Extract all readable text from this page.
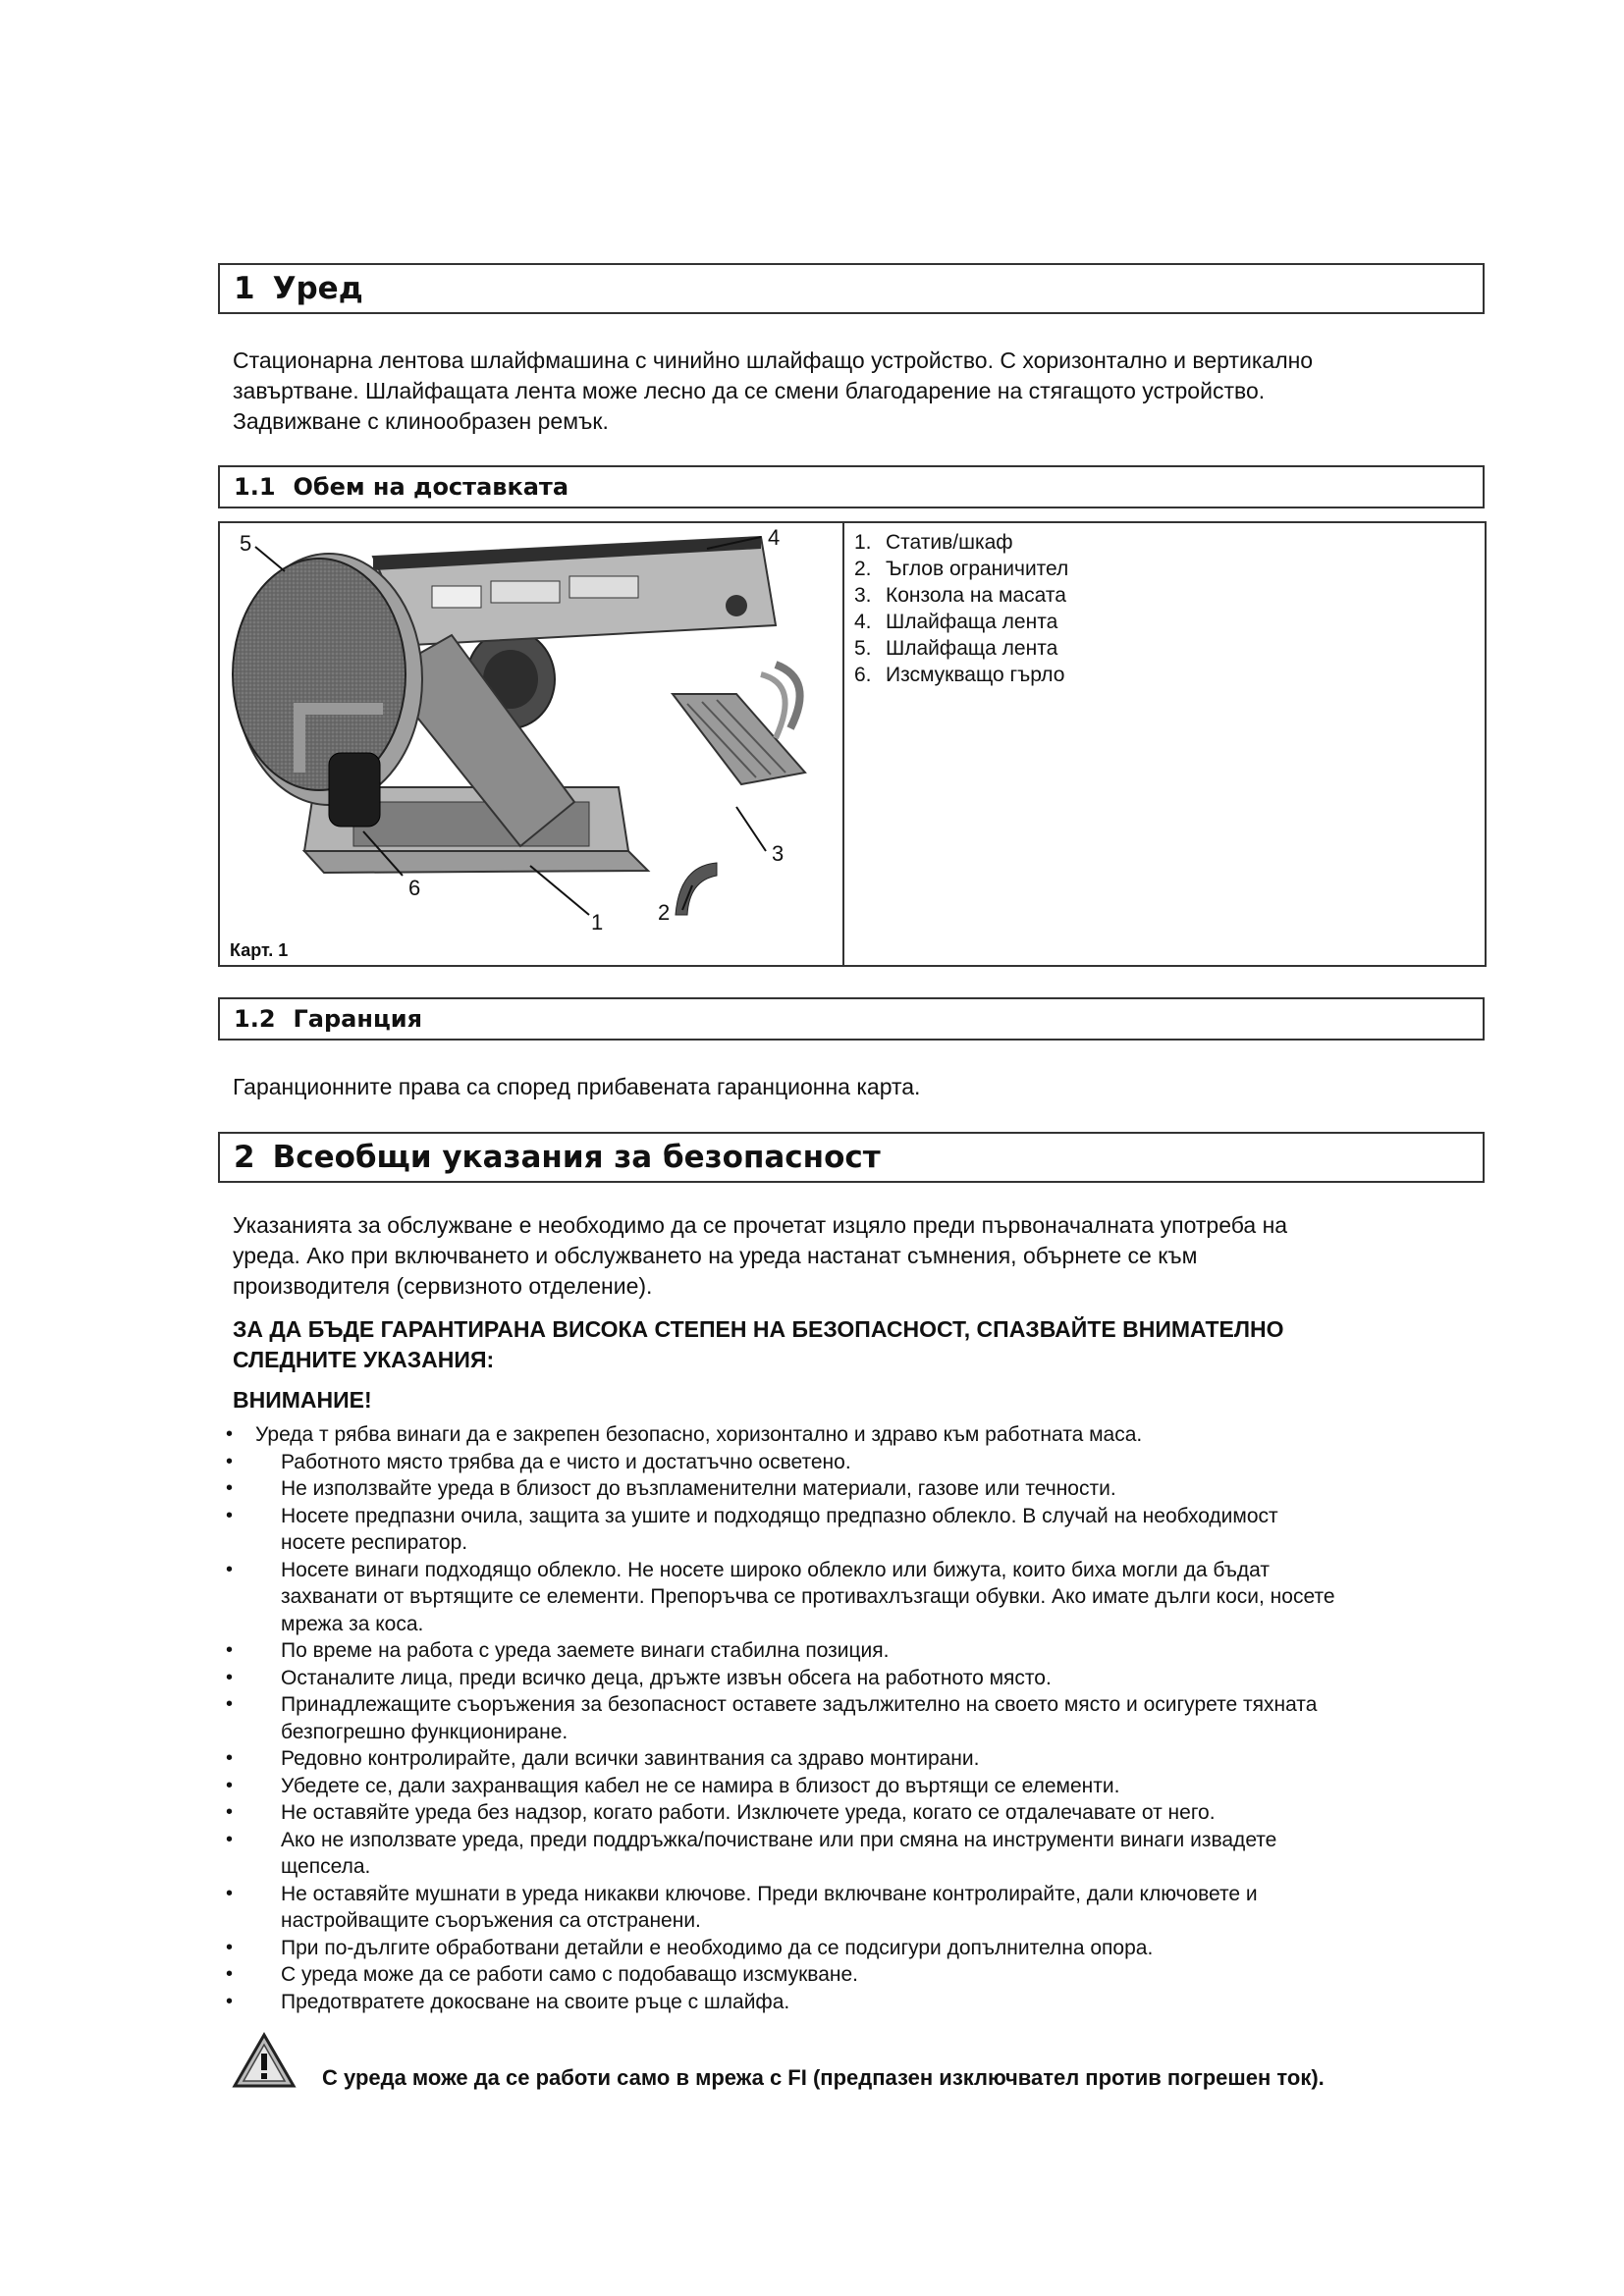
1 Уред
Стационарна лентова шлайфмашина с чинийно шлайфащо устройство. С хоризонтално и вертикално
завъртване. Шлайфащата лента може лесно да се смени благодарение на стягащото устройство.
Задвижване с клинообразен ремък.
1.1 Обем на доставката
5	4
3
2
1
6
Карт. 1
1. Статив/шкаф
2. Ъглов ограничител
3. Конзола на масата
4. Шлайфаща лента
5. Шлайфаща лента
6. Изсмукващо гърло
1.2 Гаранция
Гаранционните права са според прибавената гаранционна карта.
2 Всеобщи указания за безопасност
Указанията за обслужване е необходимо да се прочетат изцяло преди първоначалната употреба на
уреда. Ако при включването и обслужването на уреда настанат съмнения, обърнете се към
производителя (сервизното отделение).
ЗА ДА БЪДЕ ГАРАНТИРАНА ВИСОКА СТЕПЕН НА БЕЗОПАСНОСТ, СПАЗВАЙТЕ ВНИМАТЕЛНО
СЛЕДНИТЕ УКАЗАНИЯ:
ВНИМАНИЕ!
• Уреда т рябва винаги да е закрепен безопасно, хоризонтално и здраво към работната маса.
• Работното място трябва да е чисто и достатъчно осветено.
• Не използвайте уреда в близост до възпламенителни материали, газове или течности.
• Носете предпазни очила, защита за ушите и подходящо предпазно облекло. В случай на необходимост
носете респиратор.
• Носете винаги подходящо облекло. Не носете широко облекло или бижута, които биха могли да бъдат
захванати от въртящите се елементи. Препоръчва се противахлъзгащи обувки. Ако имате дълги коси, носете
мрежа за коса.
• По време на работа с уреда заемете винаги стабилна позиция.
• Останалите лица, преди всичко деца, дръжте извън обсега на работното място.
• Принадлежащите съоръжения за безопасност оставете задължително на своето място и осигурете тяхната
безпогрешно функциониране.
• Редовно контролирайте, дали всички завинтвания са здраво монтирани.
• Убедете се, дали захранващия кабел не се намира в близост до въртящи се елементи.
• Не оставяйте уреда без надзор, когато работи. Изключете уреда, когато се отдалечавате от него.
• Ако не използвате уреда, преди поддръжка/почистване или при смяна на инструменти винаги извадете
щепсела.
• Не оставяйте мушнати в уреда никакви ключове. Преди включване контролирайте, дали ключовете и
настройващите съоръжения са отстранени.
• При по-дългите обработвани детайли е необходимо да се подсигури допълнителна опора.
• С уреда може да се работи само с подобаващо изсмукване.
• Предотвратете докосване на своите ръце с шлайфа.
С уреда може да се работи само в мрежа с FI (предпазен изключвател против погрешен ток).
